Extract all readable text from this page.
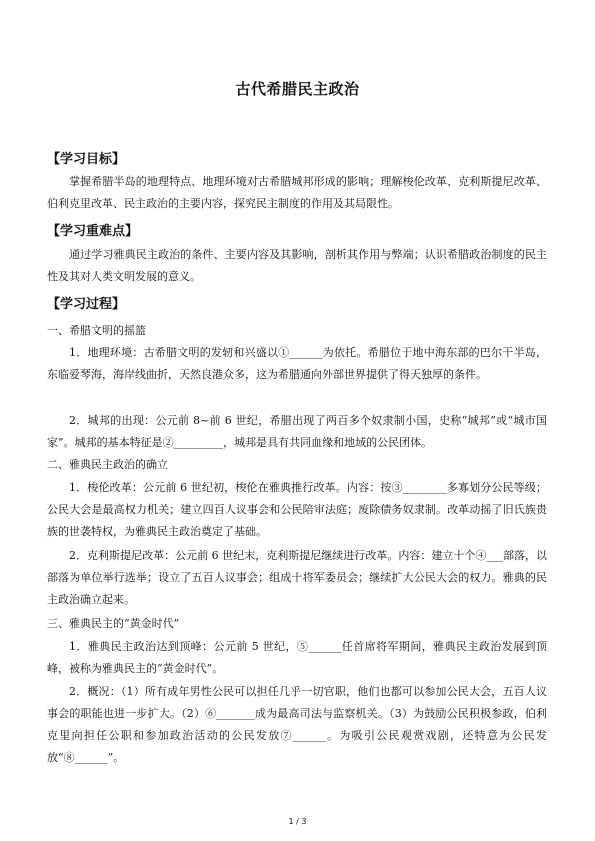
古代希腊民主政治
【学习目标】
掌握希腊半岛的地理特点、地理环境对古希腊城邦形成的影响；理解梭伦改革、克利斯提尼改革、伯利克里改革、民主政治的主要内容，探究民主制度的作用及其局限性。
【学习重难点】
通过学习雅典民主政治的条件、主要内容及其影响，剖析其作用与弊端；认识希腊政治制度的民主性及其对人类文明发展的意义。
【学习过程】
一、希腊文明的摇篮
1．地理环境：古希腊文明的发轫和兴盛以①______为依托。希腊位于地中海东部的巴尔干半岛，东临爱琴海，海岸线曲折，天然良港众多，这为希腊通向外部世界提供了得天独厚的条件。
2．城邦的出现：公元前 8~前 6 世纪，希腊出现了两百多个奴隶制小国，史称“城邦”或“城市国家”。城邦的基本特征是②_________，城邦是具有共同血缘和地域的公民团体。
二、雅典民主政治的确立
1．梭伦改革：公元前 6 世纪初，梭伦在雅典推行改革。内容：按③________多寡划分公民等级；公民大会是最高权力机关；建立四百人议事会和公民陪审法庭；废除债务奴隶制。改革动摇了旧氏族贵族的世袭特权，为雅典民主政治奠定了基础。
2．克利斯提尼改革：公元前 6 世纪末，克利斯提尼继续进行改革。内容：建立十个④___部落，以部落为单位举行选举；设立了五百人议事会；组成十将军委员会；继续扩大公民大会的权力。雅典的民主政治确立起来。
三、雅典民主的“黄金时代”
1．雅典民主政治达到顶峰：公元前 5 世纪，⑤______任首席将军期间，雅典民主政治发展到顶峰，被称为雅典民主的“黄金时代”。
2．概况：（1）所有成年男性公民可以担任几乎一切官职，他们也都可以参加公民大会，五百人议事会的职能也进一步扩大。（2）⑥_______成为最高司法与监察机关。（3）为鼓励公民积极参政，伯利克里向担任公职和参加政治活动的公民发放⑦______。为吸引公民观赏戏剧，还特意为公民发放“⑧______”。
1 / 3
